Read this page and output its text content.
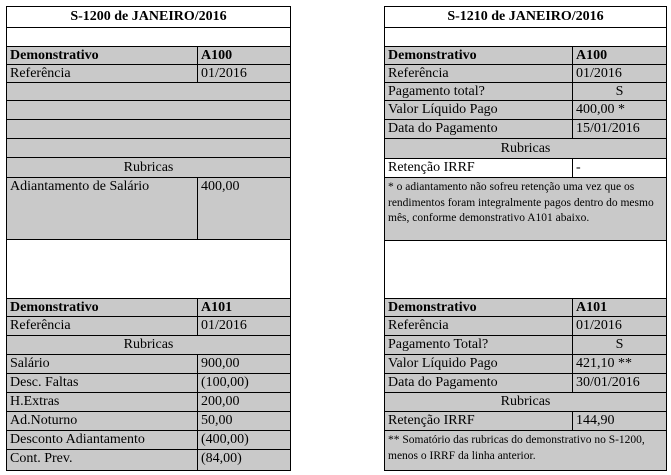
S-1200 de JANEIRO/2016	S-1210 de JANEIRO/2016
Demonstrativo	A100
Referência	01/2016
Rubricas
Adiantamento de Salário	400,00
Demonstrativo	A100
Referência	01/2016
Pagamento total?	S
Valor Líquido Pago	400,00 *
Data do Pagamento	15/01/2016
Rubricas
Retenção IRRF	-
* o adiantamento não sofreu retenção uma vez que os rendimentos foram integralmente pagos dentro do mesmo mês, conforme demonstrativo A101 abaixo.
Demonstrativo	A101
Referência	01/2016
Rubricas
Salário	900,00
Desc. Faltas	(100,00)
H.Extras	200,00
Ad.Noturno	50,00
Desconto Adiantamento	(400,00)
Cont. Prev.	(84,00)
Demonstrativo	A101
Referência	01/2016
Pagamento Total?	S
Valor Líquido Pago	421,10 **
Data do Pagamento	30/01/2016
Rubricas
Retenção IRRF	144,90
** Somatório das rubricas do demonstrativo no S-1200, menos o IRRF da linha anterior.
